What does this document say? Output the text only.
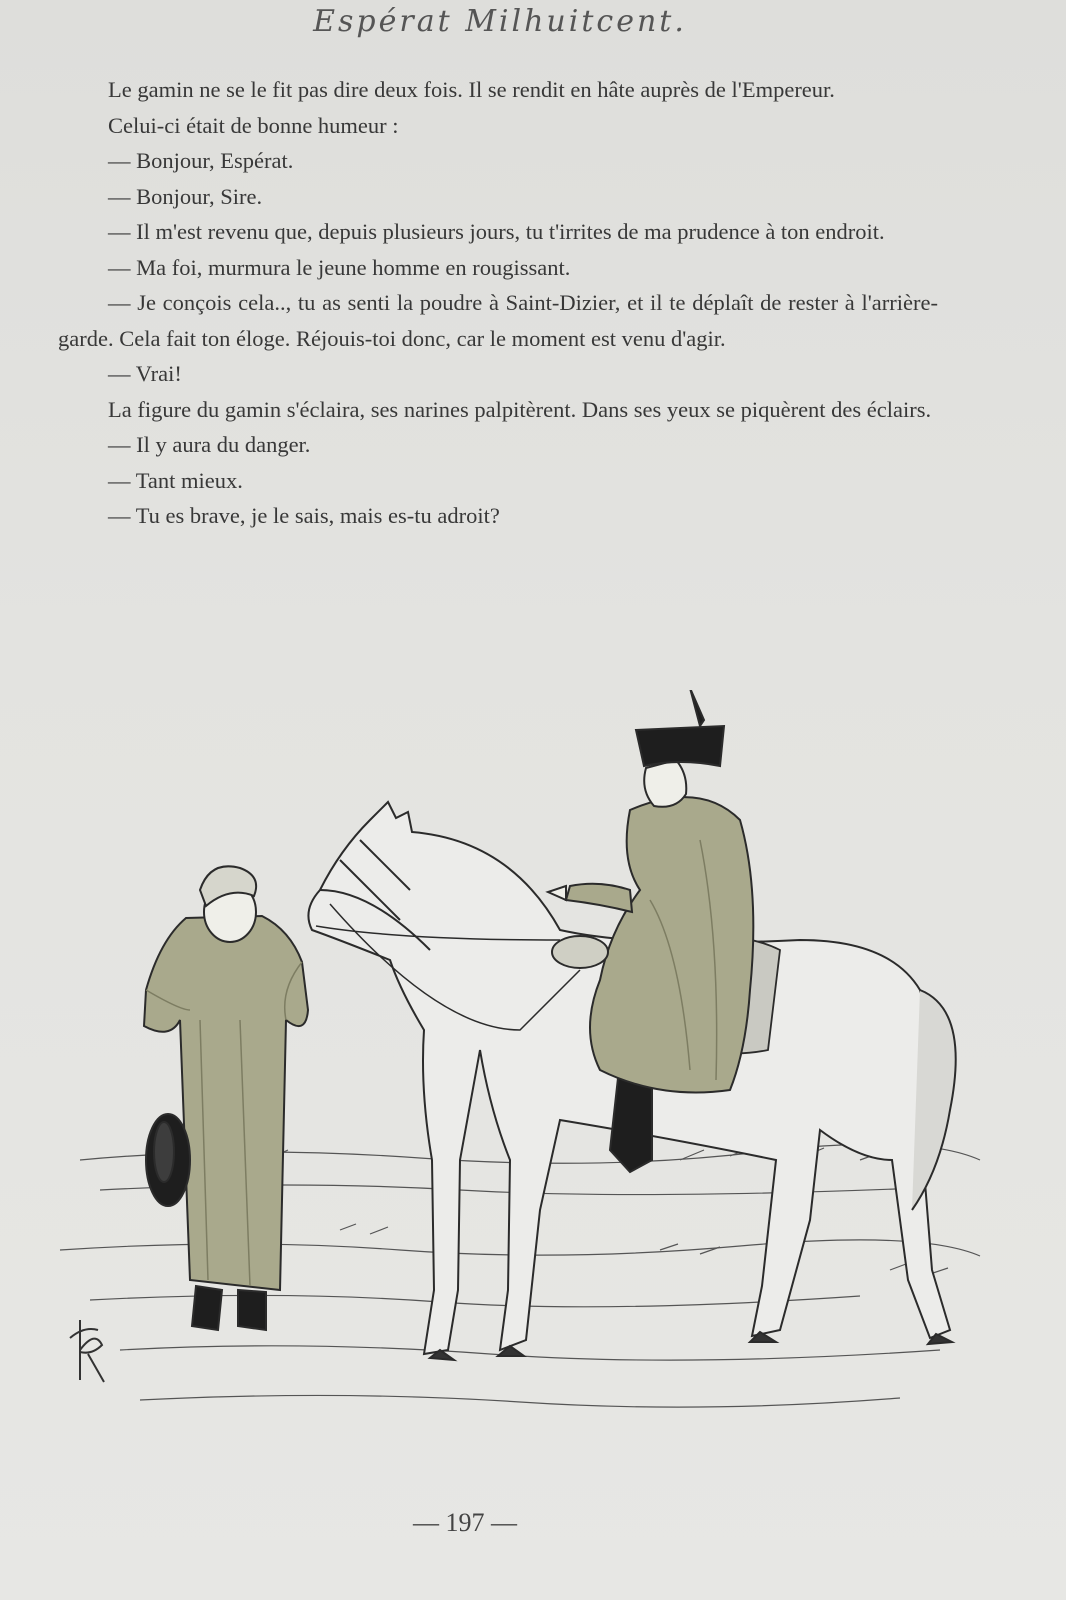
Espérat Milhuitcent.

Le gamin ne se le fit pas dire deux fois. Il se rendit en hâte auprès de l'Empereur.

Celui-ci était de bonne humeur :

— Bonjour, Espérat.

— Bonjour, Sire.

— Il m'est revenu que, depuis plusieurs jours, tu t'irrites de ma prudence à ton endroit.

— Ma foi, murmura le jeune homme en rougissant.

— Je conçois cela.., tu as senti la poudre à Saint-Dizier, et il te déplaît de rester à l'arrière-garde. Cela fait ton éloge. Réjouis-toi donc, car le moment est venu d'agir.

— Vrai!

La figure du gamin s'éclaira, ses narines palpitèrent. Dans ses yeux se piquèrent des éclairs.

— Il y aura du danger.

— Tant mieux.

— Tu es brave, je le sais, mais es-tu adroit?

— 197 —
